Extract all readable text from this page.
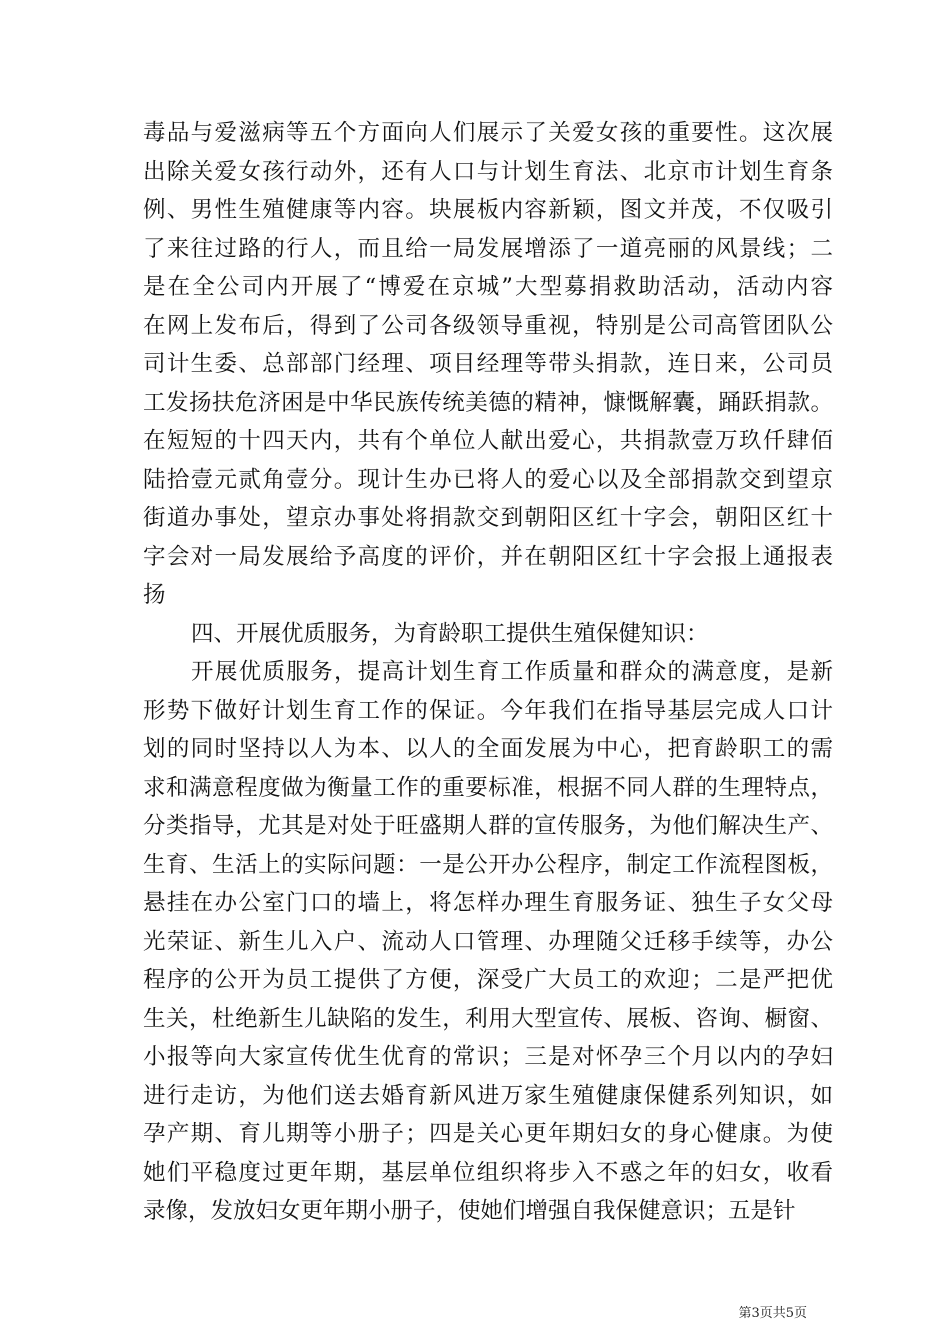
毒品与爱滋病等五个方面向人们展示了关爱女孩的重要性。这次展
出除关爱女孩行动外，还有人口与计划生育法、北京市计划生育条
例、男性生殖健康等内容。块展板内容新颖，图文并茂，不仅吸引
了来往过路的行人，而且给一局发展增添了一道亮丽的风景线；二
是在全公司内开展了“博爱在京城”大型募捐救助活动，活动内容
在网上发布后，得到了公司各级领导重视，特别是公司高管团队公
司计生委、总部部门经理、项目经理等带头捐款，连日来，公司员
工发扬扶危济困是中华民族传统美德的精神，慷慨解囊，踊跃捐款。
在短短的十四天内，共有个单位人献出爱心，共捐款壹万玖仟肆佰
陆拾壹元贰角壹分。现计生办已将人的爱心以及全部捐款交到望京
街道办事处，望京办事处将捐款交到朝阳区红十字会，朝阳区红十
字会对一局发展给予高度的评价，并在朝阳区红十字会报上通报表
扬
四、开展优质服务，为育龄职工提供生殖保健知识：
开展优质服务，提高计划生育工作质量和群众的满意度，是新
形势下做好计划生育工作的保证。今年我们在指导基层完成人口计
划的同时坚持以人为本、以人的全面发展为中心，把育龄职工的需
求和满意程度做为衡量工作的重要标准，根据不同人群的生理特点，
分类指导，尤其是对处于旺盛期人群的宣传服务，为他们解决生产、
生育、生活上的实际问题：一是公开办公程序，制定工作流程图板，
悬挂在办公室门口的墙上，将怎样办理生育服务证、独生子女父母
光荣证、新生儿入户、流动人口管理、办理随父迁移手续等，办公
程序的公开为员工提供了方便，深受广大员工的欢迎；二是严把优
生关，杜绝新生儿缺陷的发生，利用大型宣传、展板、咨询、橱窗、
小报等向大家宣传优生优育的常识；三是对怀孕三个月以内的孕妇
进行走访，为他们送去婚育新风进万家生殖健康保健系列知识，如
孕产期、育儿期等小册子；四是关心更年期妇女的身心健康。为使
她们平稳度过更年期，基层单位组织将步入不惑之年的妇女，收看
录像，发放妇女更年期小册子，使她们增强自我保健意识；五是针
第3页共5页
